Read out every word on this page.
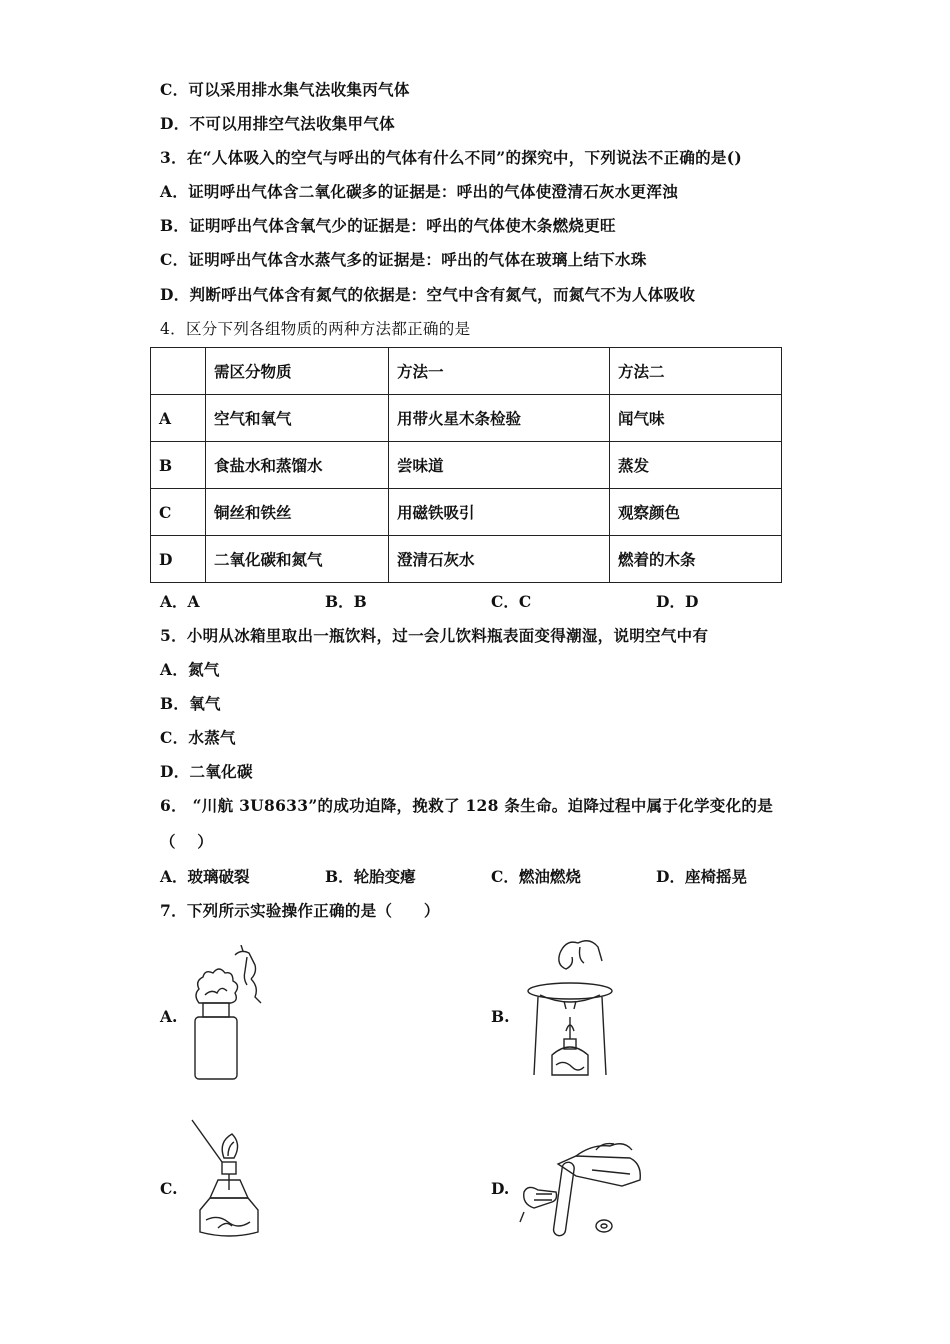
C．可以采用排水集气法收集丙气体
D．不可以用排空气法收集甲气体
3．在“人体吸入的空气与呼出的气体有什么不同”的探究中，下列说法不正确的是()
A．证明呼出气体含二氧化碳多的证据是：呼出的气体使澄清石灰水更浑浊
B．证明呼出气体含氧气少的证据是：呼出的气体使木条燃烧更旺
C．证明呼出气体含水蒸气多的证据是：呼出的气体在玻璃上结下水珠
D．判断呼出气体含有氮气的依据是：空气中含有氮气，而氮气不为人体吸收
4．区分下列各组物质的两种方法都正确的是
	需区分物质	方法一	方法二
A	空气和氧气	用带火星木条检验	闻气味
B	食盐水和蒸馏水	尝味道	蒸发
C	铜丝和铁丝	用磁铁吸引	观察颜色
D	二氧化碳和氮气	澄清石灰水	燃着的木条
A．A	B．B	C．C	D．D
5．小明从冰箱里取出一瓶饮料，过一会儿饮料瓶表面变得潮湿，说明空气中有
A．氮气
B．氧气
C．水蒸气
D．二氧化碳
6． “川航 3U8633”的成功迫降，挽救了 128 条生命。迫降过程中属于化学变化的是
（　 ）
A．玻璃破裂	B．轮胎变瘪	C．燃油燃烧	D．座椅摇晃
7．下列所示实验操作正确的是（　　）
A.	B.
C.	D.
